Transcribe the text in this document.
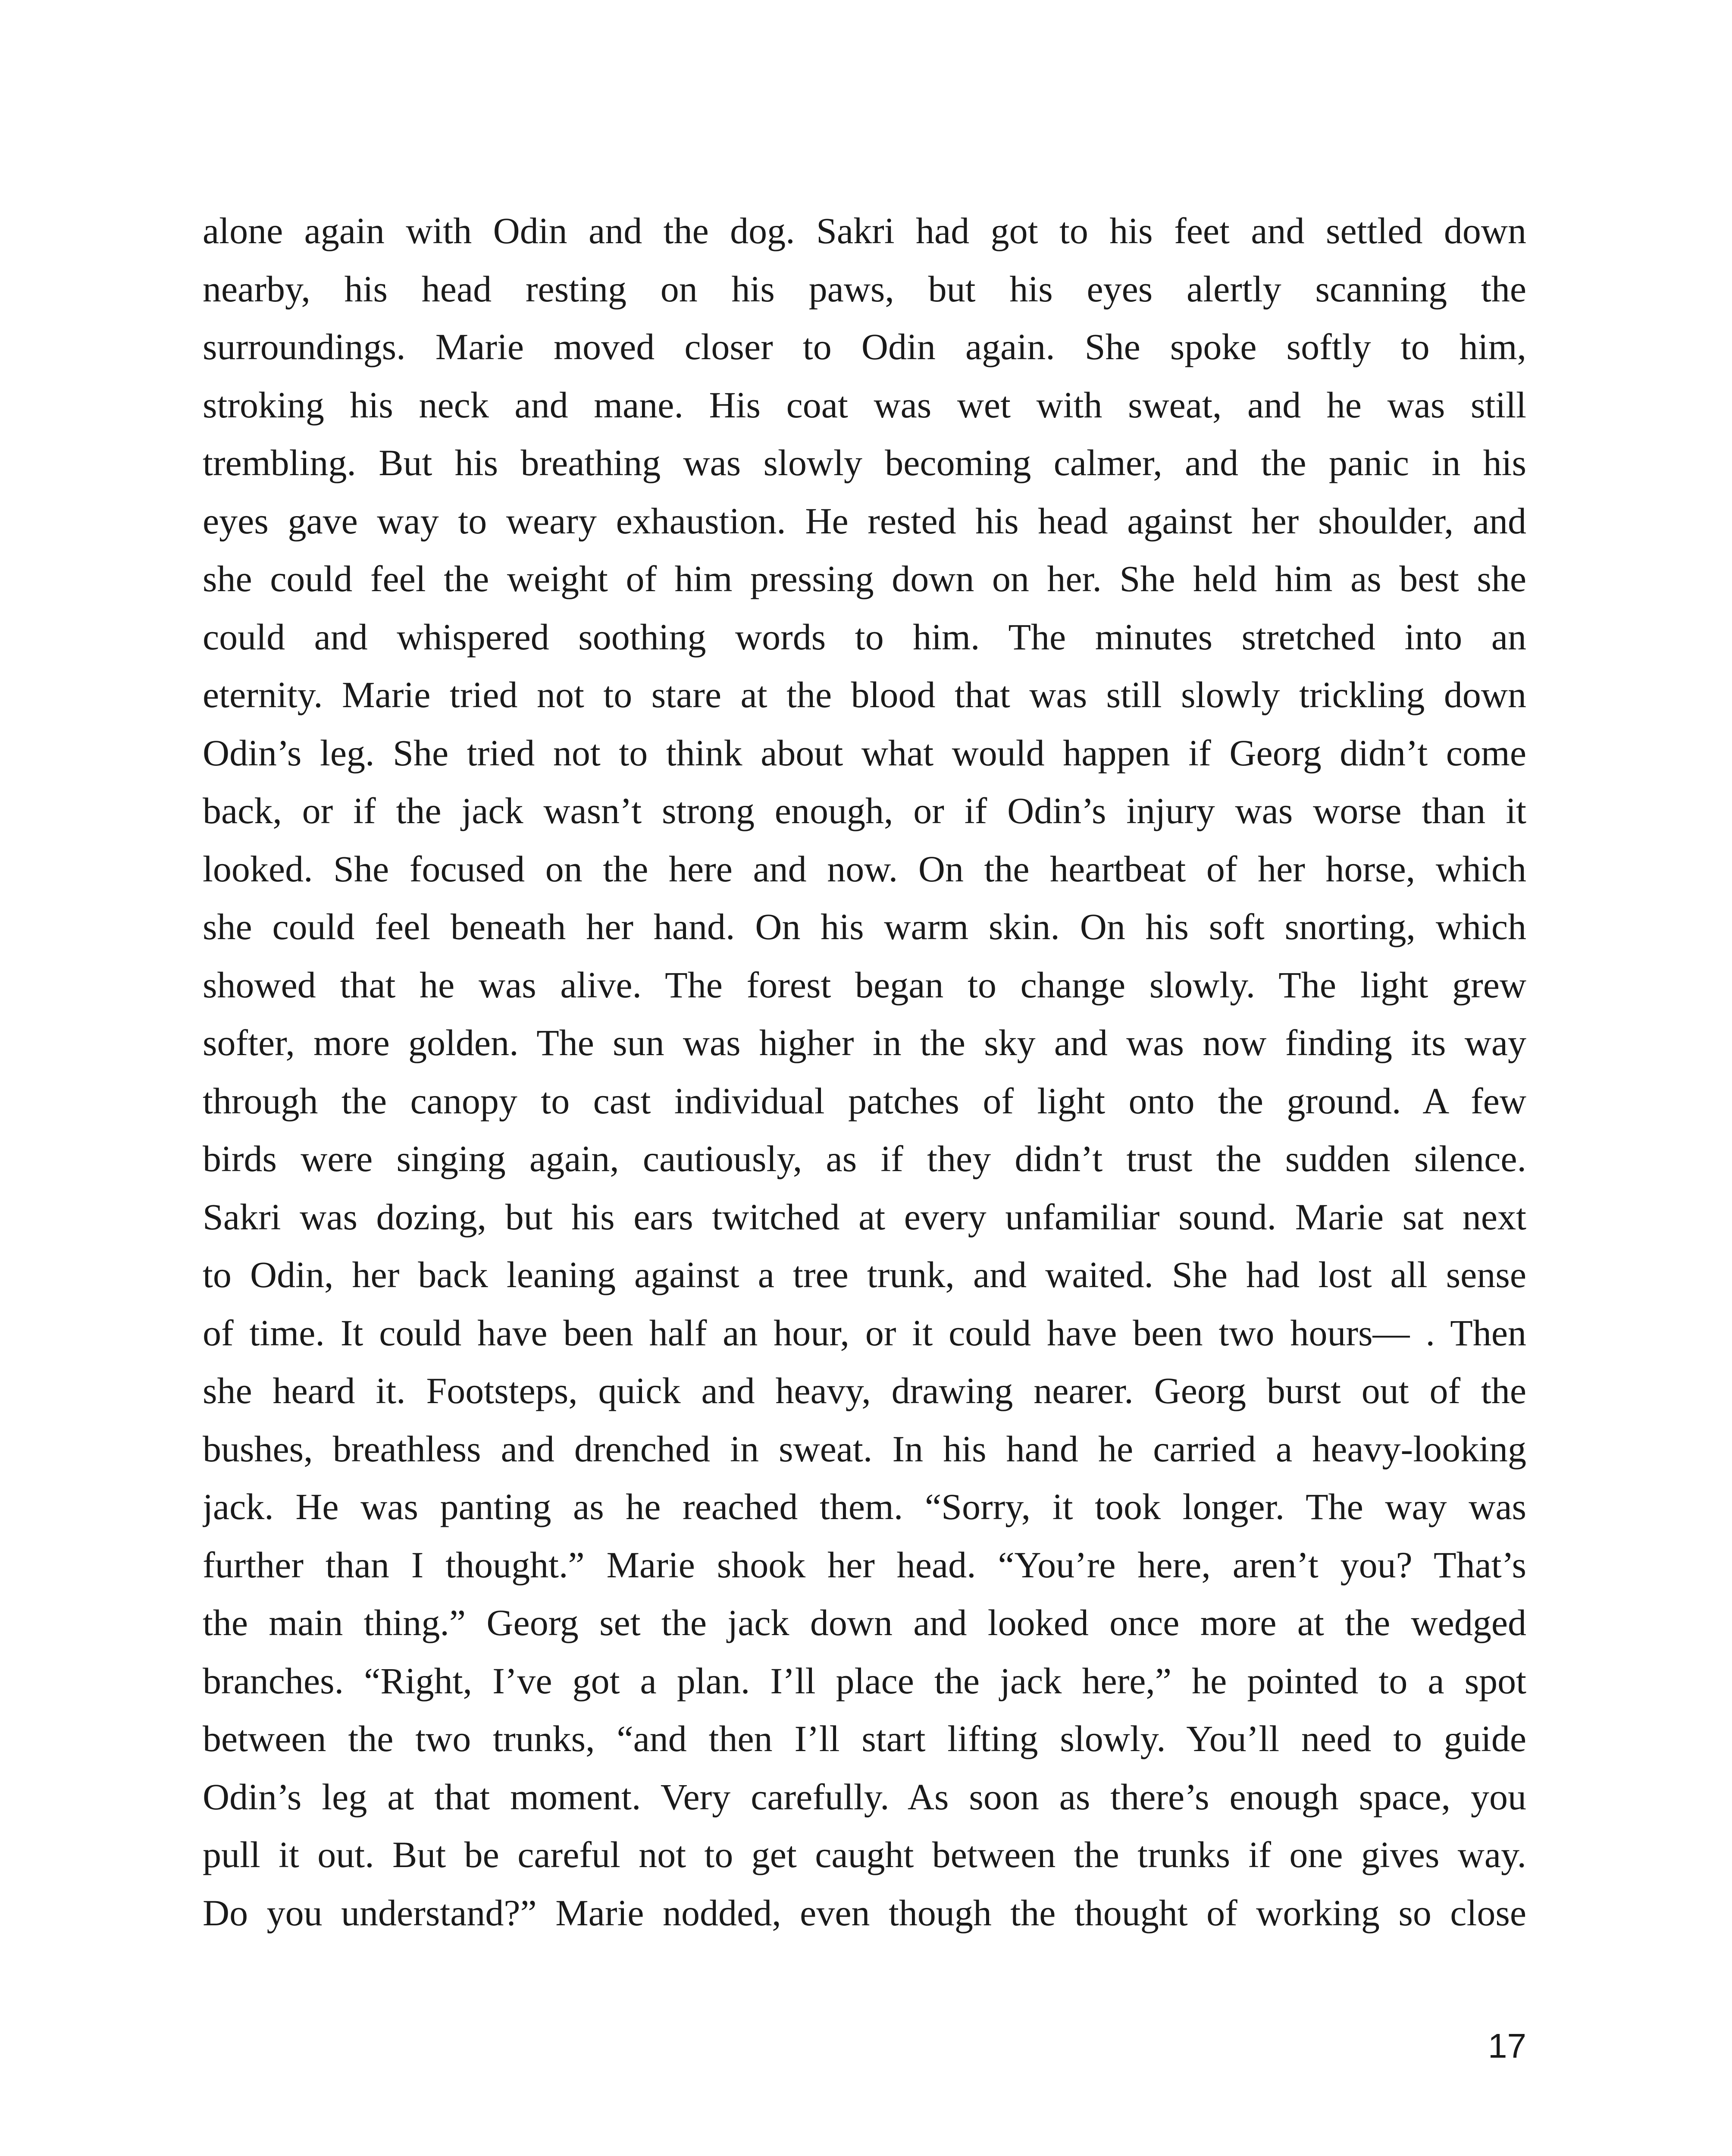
alone again with Odin and the dog. Sakri had got to his feet and settled down
nearby, his head resting on his paws, but his eyes alertly scanning the
surroundings. Marie moved closer to Odin again. She spoke softly to him,
stroking his neck and mane. His coat was wet with sweat, and he was still
trembling. But his breathing was slowly becoming calmer, and the panic in his
eyes gave way to weary exhaustion. He rested his head against her shoulder, and
she could feel the weight of him pressing down on her. She held him as best she
could and whispered soothing words to him. The minutes stretched into an
eternity. Marie tried not to stare at the blood that was still slowly trickling down
Odin’s leg. She tried not to think about what would happen if Georg didn’t come
back, or if the jack wasn’t strong enough, or if Odin’s injury was worse than it
looked. She focused on the here and now. On the heartbeat of her horse, which
she could feel beneath her hand. On his warm skin. On his soft snorting, which
showed that he was alive. The forest began to change slowly. The light grew
softer, more golden. The sun was higher in the sky and was now finding its way
through the canopy to cast individual patches of light onto the ground. A few
birds were singing again, cautiously, as if they didn’t trust the sudden silence.
Sakri was dozing, but his ears twitched at every unfamiliar sound. Marie sat next
to Odin, her back leaning against a tree trunk, and waited. She had lost all sense
of time. It could have been half an hour, or it could have been two hours— . Then
she heard it. Footsteps, quick and heavy, drawing nearer. Georg burst out of the
bushes, breathless and drenched in sweat. In his hand he carried a heavy-looking
jack. He was panting as he reached them. “Sorry, it took longer. The way was
further than I thought.” Marie shook her head. “You’re here, aren’t you? That’s
the main thing.” Georg set the jack down and looked once more at the wedged
branches. “Right, I’ve got a plan. I’ll place the jack here,” he pointed to a spot
between the two trunks, “and then I’ll start lifting slowly. You’ll need to guide
Odin’s leg at that moment. Very carefully. As soon as there’s enough space, you
pull it out. But be careful not to get caught between the trunks if one gives way.
Do you understand?” Marie nodded, even though the thought of working so close
17
